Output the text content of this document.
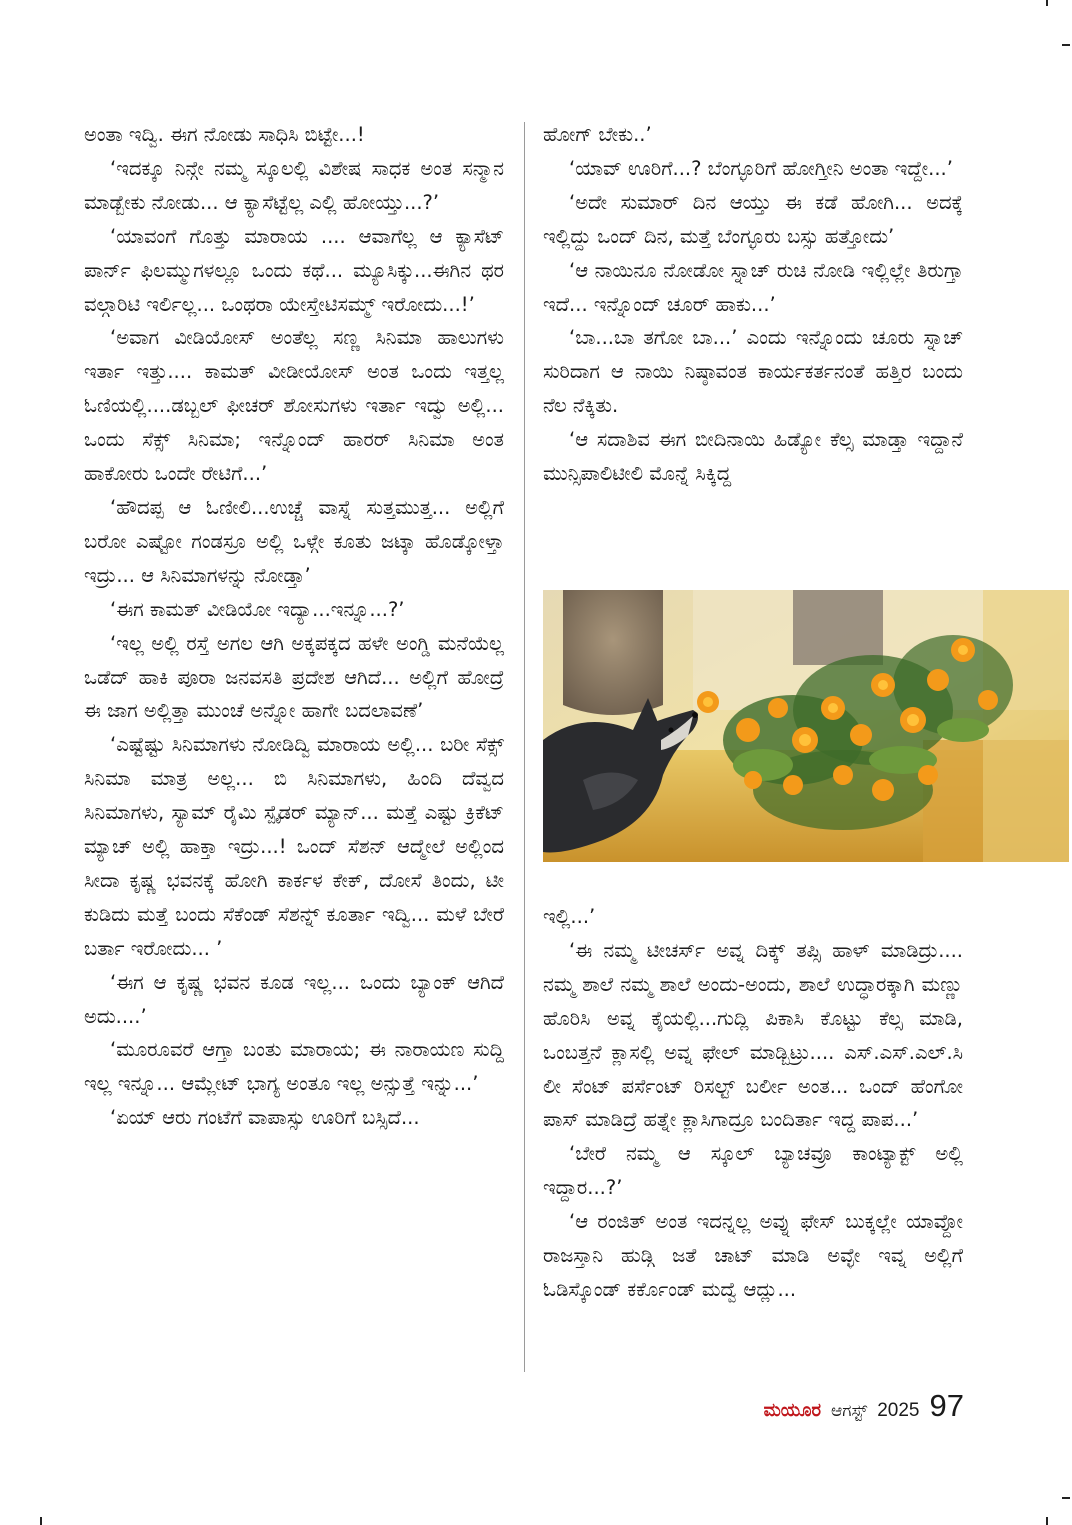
ಅಂತಾ ಇದ್ವಿ. ಈಗ ನೋಡು ಸಾಧಿಸಿ ಬಿಟ್ಟೇ...!

‘ಇದಕ್ಕೂ ನಿನ್ಗೇ ನಮ್ಮ ಸ್ಕೂಲಲ್ಲಿ ವಿಶೇಷ ಸಾಧಕ ಅಂತ ಸನ್ಮಾನ ಮಾಡ್ಬೇಕು ನೋಡು... ಆ ಕ್ಯಾಸೆಟ್ಟೆಲ್ಲ ಎಲ್ಲಿ ಹೋಯ್ತು...?’

‘ಯಾವಂಗೆ ಗೊತ್ತು ಮಾರಾಯ .... ಆವಾಗೆಲ್ಲ ಆ ಕ್ಯಾಸೆಟ್ ಪಾರ್ನ್ ಫಿಲಮ್ಮುಗಳಲ್ಲೂ ಒಂದು ಕಥೆ... ಮ್ಯೂಸಿಕ್ಕು...ಈಗಿನ ಥರ ವಲ್ಗಾರಿಟಿ ಇರ್ಲಿಲ್ಲ... ಒಂಥರಾ ಯೇಸ್ತೇಟಿಸಮ್ಮ್ ಇರೋದು...!’

‘ಅವಾಗ ವೀಡಿಯೋಸ್ ಅಂತೆಲ್ಲ ಸಣ್ಣ ಸಿನಿಮಾ ಹಾಲುಗಳು ಇರ್ತಾ ಇತ್ತು.... ಕಾಮತ್ ವೀಡೀಯೋಸ್ ಅಂತ ಒಂದು ಇತ್ತಲ್ಲ ಓಣಿಯಲ್ಲಿ....ಡಬ್ಬಲ್ ಫೀಚರ್ ಶೋಸುಗಳು ಇರ್ತಾ ಇದ್ವು ಅಲ್ಲಿ... ಒಂದು ಸೆಕ್ಸ್ ಸಿನಿಮಾ; ಇನ್ನೊಂದ್ ಹಾರರ್ ಸಿನಿಮಾ ಅಂತ ಹಾಕೋರು ಒಂದೇ ರೇಟಿಗೆ...’

‘ಹೌದಪ್ಪ ಆ ಓಣೀಲಿ...ಉಚ್ಚೆ ವಾಸ್ನೆ ಸುತ್ತಮುತ್ತ... ಅಲ್ಲಿಗೆ ಬರೋ ಎಷ್ಟೋ ಗಂಡಸ್ರೂ ಅಲ್ಲಿ ಒಳ್ಗೇ ಕೂತು ಜಟ್ಕಾ ಹೊಡ್ಕೋಳ್ತಾ ಇದ್ರು... ಆ ಸಿನಿಮಾಗಳನ್ನು ನೋಡ್ತಾ’

‘ಈಗ ಕಾಮತ್ ವೀಡಿಯೋ ಇದ್ಯಾ...ಇನ್ನೂ...?’

‘ಇಲ್ಲ ಅಲ್ಲಿ ರಸ್ತೆ ಅಗಲ ಆಗಿ ಅಕ್ಕಪಕ್ಕದ ಹಳೇ ಅಂಗ್ಡಿ ಮನೆಯೆಲ್ಲ ಒಡೆದ್ ಹಾಕಿ ಪೂರಾ ಜನವಸತಿ ಪ್ರದೇಶ ಆಗಿದೆ... ಅಲ್ಲಿಗೆ ಹೋದ್ರೆ ಈ ಜಾಗ ಅಲ್ಲಿತ್ತಾ ಮುಂಚೆ ಅನ್ನೋ ಹಾಗೇ ಬದಲಾವಣೆ’

‘ಎಷ್ಟೆಷ್ಟು ಸಿನಿಮಾಗಳು ನೋಡಿದ್ವಿ ಮಾರಾಯ ಅಲ್ಲಿ... ಬರೀ ಸೆಕ್ಸ್ ಸಿನಿಮಾ ಮಾತ್ರ ಅಲ್ಲ... ಬಿ ಸಿನಿಮಾಗಳು, ಹಿಂದಿ ದೆವ್ವದ ಸಿನಿಮಾಗಳು, ಸ್ಯಾಮ್ ರೈಮಿ ಸ್ಪೈಡರ್ ಮ್ಯಾನ್... ಮತ್ತೆ ಎಷ್ಟು ಕ್ರಿಕೆಟ್ ಮ್ಯಾಚ್ ಅಲ್ಲಿ ಹಾಕ್ತಾ ಇದ್ರು...! ಒಂದ್ ಸೆಶನ್ ಆದ್ಮೇಲೆ ಅಲ್ಲಿಂದ ಸೀದಾ ಕೃಷ್ಣ ಭವನಕ್ಕೆ ಹೋಗಿ ಕಾರ್ಕಳ ಕೇಕ್, ದೋಸೆ ತಿಂದು, ಟೀ ಕುಡಿದು ಮತ್ತೆ ಬಂದು ಸೆಕೆಂಡ್ ಸೆಶನ್ನ್ ಕೂರ್ತಾ ಇದ್ವಿ... ಮಳೆ ಬೇರೆ ಬರ್ತಾ ಇರೋದು... ’

‘ಈಗ ಆ ಕೃಷ್ಣ ಭವನ ಕೂಡ ಇಲ್ಲ... ಒಂದು ಬ್ಯಾಂಕ್ ಆಗಿದೆ ಅದು....’

‘ಮೂರೂವರೆ ಆಗ್ತಾ ಬಂತು ಮಾರಾಯ; ಈ ನಾರಾಯಣ ಸುದ್ದಿ ಇಲ್ಲ ಇನ್ನೂ... ಆಮ್ಲೇಟ್ ಭಾಗ್ಯ ಅಂತೂ ಇಲ್ಲ ಅನ್ಸುತ್ತೆ ಇನ್ನು...’

‘ಏಯ್ ಆರು ಗಂಟೆಗೆ ವಾಪಾಸ್ಸು ಊರಿಗೆ ಬಸ್ಸಿದೆ...

ಹೋಗ್ ಬೇಕು..’

‘ಯಾವ್ ಊರಿಗೆ...? ಬೆಂಗ್ಳೂರಿಗೆ ಹೋಗ್ತೀನಿ ಅಂತಾ ಇದ್ದೇ...’

‘ಅದೇ ಸುಮಾರ್ ದಿನ ಆಯ್ತು ಈ ಕಡೆ ಹೋಗಿ... ಅದಕ್ಕೆ ಇಲ್ಲಿದ್ದು ಒಂದ್ ದಿನ, ಮತ್ತೆ ಬೆಂಗ್ಳೂರು ಬಸ್ಸು ಹತ್ತೋದು’

‘ಆ ನಾಯಿನೂ ನೋಡೋ ಸ್ನಾಚ್ ರುಚಿ ನೋಡಿ ಇಲ್ಲಿಲ್ಲೇ ತಿರುಗ್ತಾ ಇದೆ... ಇನ್ನೊಂದ್ ಚೂರ್ ಹಾಕು...’

‘ಬಾ...ಬಾ ತಗೋ ಬಾ...’ ಎಂದು ಇನ್ನೊಂದು ಚೂರು ಸ್ನಾಚ್ ಸುರಿದಾಗ ಆ ನಾಯಿ ನಿಷ್ಠಾವಂತ ಕಾರ್ಯಕರ್ತನಂತೆ ಹತ್ತಿರ ಬಂದು ನೆಲ ನೆಕ್ಕಿತು.

‘ಆ ಸದಾಶಿವ ಈಗ ಬೀದಿನಾಯಿ ಹಿಡ್ಯೋ ಕೆಲ್ಸ ಮಾಡ್ತಾ ಇದ್ದಾನೆ ಮುನ್ಸಿಪಾಲಿಟೀಲಿ ಮೊನ್ನೆ ಸಿಕ್ಕಿದ್ದ

ಇಲ್ಲಿ...’

‘ಈ ನಮ್ಮ ಟೀಚರ್ಸ್ ಅವ್ನ ದಿಕ್ಕ್ ತಪ್ಸಿ ಹಾಳ್ ಮಾಡಿದ್ರು.... ನಮ್ಮ ಶಾಲೆ ನಮ್ಮ ಶಾಲೆ ಅಂದು-ಅಂದು, ಶಾಲೆ ಉದ್ಧಾರಕ್ಕಾಗಿ ಮಣ್ಣು ಹೊರಿಸಿ ಅವ್ನ ಕೈಯಲ್ಲಿ...ಗುದ್ಲಿ ಪಿಕಾಸಿ ಕೊಟ್ಟು ಕೆಲ್ಸ ಮಾಡಿ, ಒಂಬತ್ತನೆ ಕ್ಲಾಸಲ್ಲಿ ಅವ್ನ ಫೇಲ್ ಮಾಡ್ಬಿಟ್ರು.... ಎಸ್.ಎಸ್.ಎಲ್.ಸಿ ಲೀ ಸೆಂಟ್ ಪರ್ಸೆಂಟ್ ರಿಸಲ್ಟ್ ಬರ್ಲೀ ಅಂತ... ಒಂದ್ ಹೆಂಗೋ ಪಾಸ್ ಮಾಡಿದ್ರೆ ಹತ್ನೇ ಕ್ಲಾಸಿಗಾದ್ರೂ ಬಂದಿರ್ತಾ ಇದ್ದ ಪಾಪ...’

‘ಬೇರೆ ನಮ್ಮ ಆ ಸ್ಕೂಲ್ ಬ್ಯಾಚವ್ರೂ ಕಾಂಟ್ಯಾಕ್ಟ್ ಅಲ್ಲಿ ಇದ್ದಾರ...?’

‘ಆ ರಂಜಿತ್ ಅಂತ ಇದನ್ನಲ್ಲ ಅವ್ನು ಫೇಸ್ ಬುಕ್ಕಲ್ಲೇ ಯಾವ್ದೋ ರಾಜಸ್ತಾನಿ ಹುಡ್ಗಿ ಜತೆ ಚಾಟ್ ಮಾಡಿ ಅವ್ಳೇ ಇವ್ನ ಅಲ್ಲಿಗೆ ಓಡಿಸ್ಕೊಂಡ್ ಕರ್ಕೊಂಡ್ ಮದ್ವೆ ಆದ್ಲು...

ಮಯೂರ ಆಗಸ್ಟ್ 2025 97
